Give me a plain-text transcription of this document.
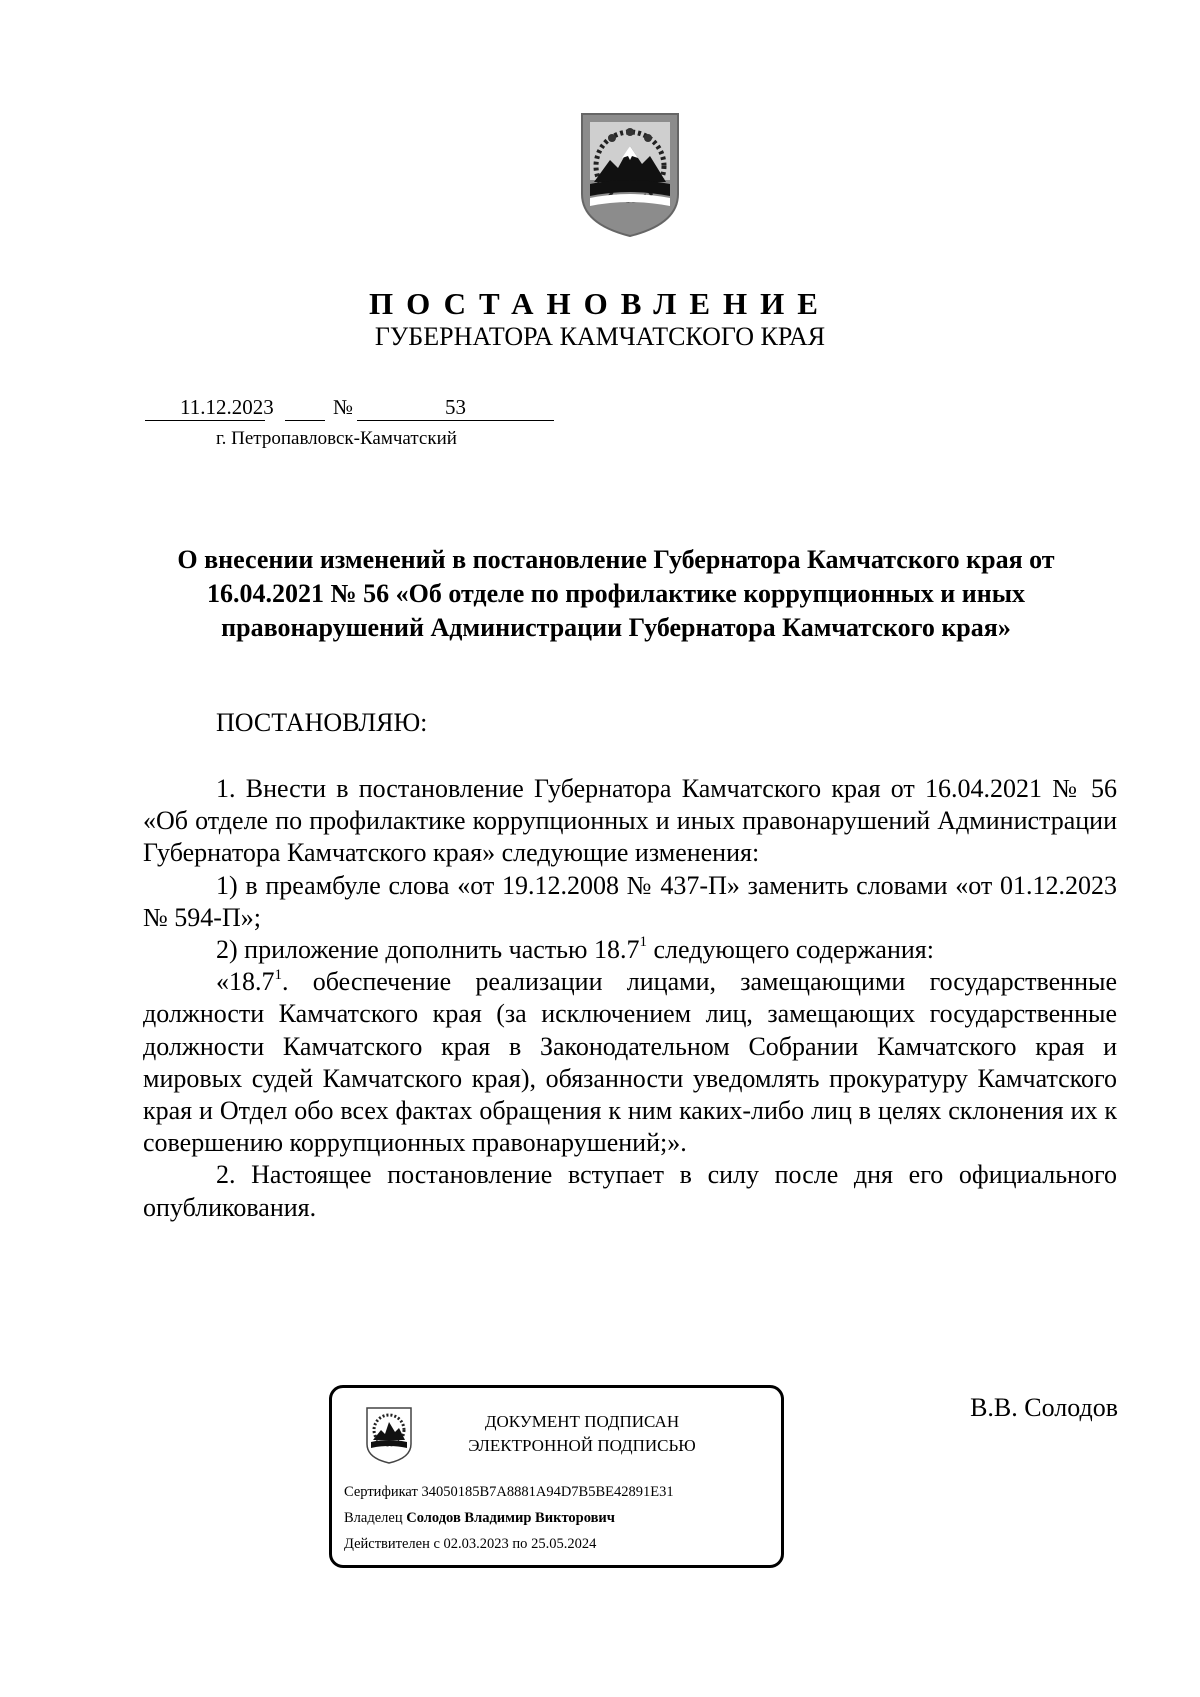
ПОСТАНОВЛЕНИЕ
ГУБЕРНАТОРА КАМЧАТСКОГО КРАЯ
11.12.2023	№	53
г. Петропавловск-Камчатский
О внесении изменений в постановление Губернатора Камчатского края от 16.04.2021 № 56 «Об отделе по профилактике коррупционных и иных правонарушений Администрации Губернатора Камчатского края»
ПОСТАНОВЛЯЮ:

1. Внести в постановление Губернатора Камчатского края от 16.04.2021 № 56 «Об отделе по профилактике коррупционных и иных правонарушений Администрации Губернатора Камчатского края» следующие изменения:

1) в преамбуле слова «от 19.12.2008 № 437-П» заменить словами «от 01.12.2023 № 594-П»;

2) приложение дополнить частью 18.7$^1$ следующего содержания:

«18.7$^1$. обеспечение реализации лицами, замещающими государственные должности Камчатского края (за исключением лиц, замещающих государственные должности Камчатского края в Законодательном Собрании Камчатского края и мировых судей Камчатского края), обязанности уведомлять прокуратуру Камчатского края и Отдел обо всех фактах обращения к ним каких-либо лиц в целях склонения их к совершению коррупционных правонарушений;».

2. Настоящее постановление вступает в силу после дня его официального опубликования.

ДОКУМЕНТ ПОДПИСАН
ЭЛЕКТРОННОЙ ПОДПИСЬЮ
Сертификат 34050185B7A8881A94D7B5BE42891E31
Владелец Солодов Владимир Викторович
Действителен с 02.03.2023 по 25.05.2024
В.В. Солодов
